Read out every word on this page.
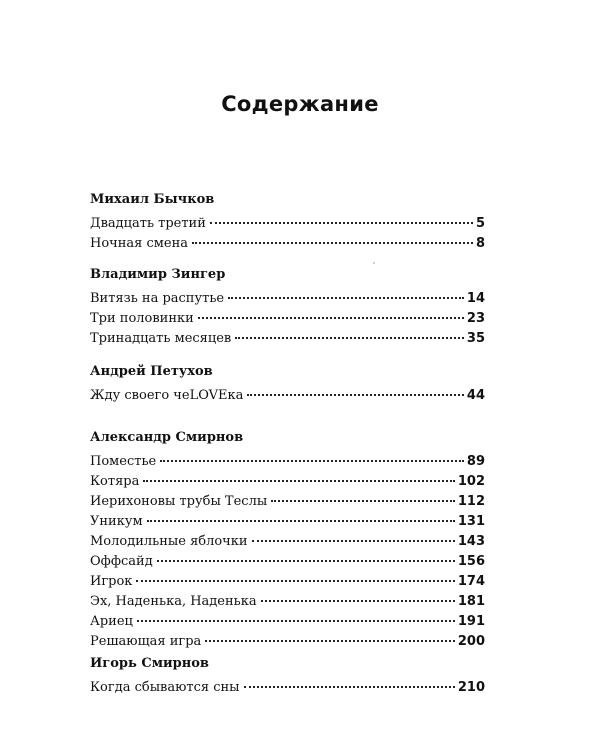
Содержание
Михаил Бычков
Двадцать третий	5
Ночная смена	8
Владимир Зингер
Витязь на распутье	14
Три половинки	23
Тринадцать месяцев	35
Андрей Петухов
Жду своего чеLOVEка	44
Александр Смирнов
Поместье	89
Котяра	102
Иерихоновы трубы Теслы	112
Уникум	131
Молодильные яблочки	143
Оффсайд	156
Игрок	174
Эх, Наденька, Наденька	181
Ариец	191
Решающая игра	200
Игорь Смирнов
Когда сбываются сны	210
